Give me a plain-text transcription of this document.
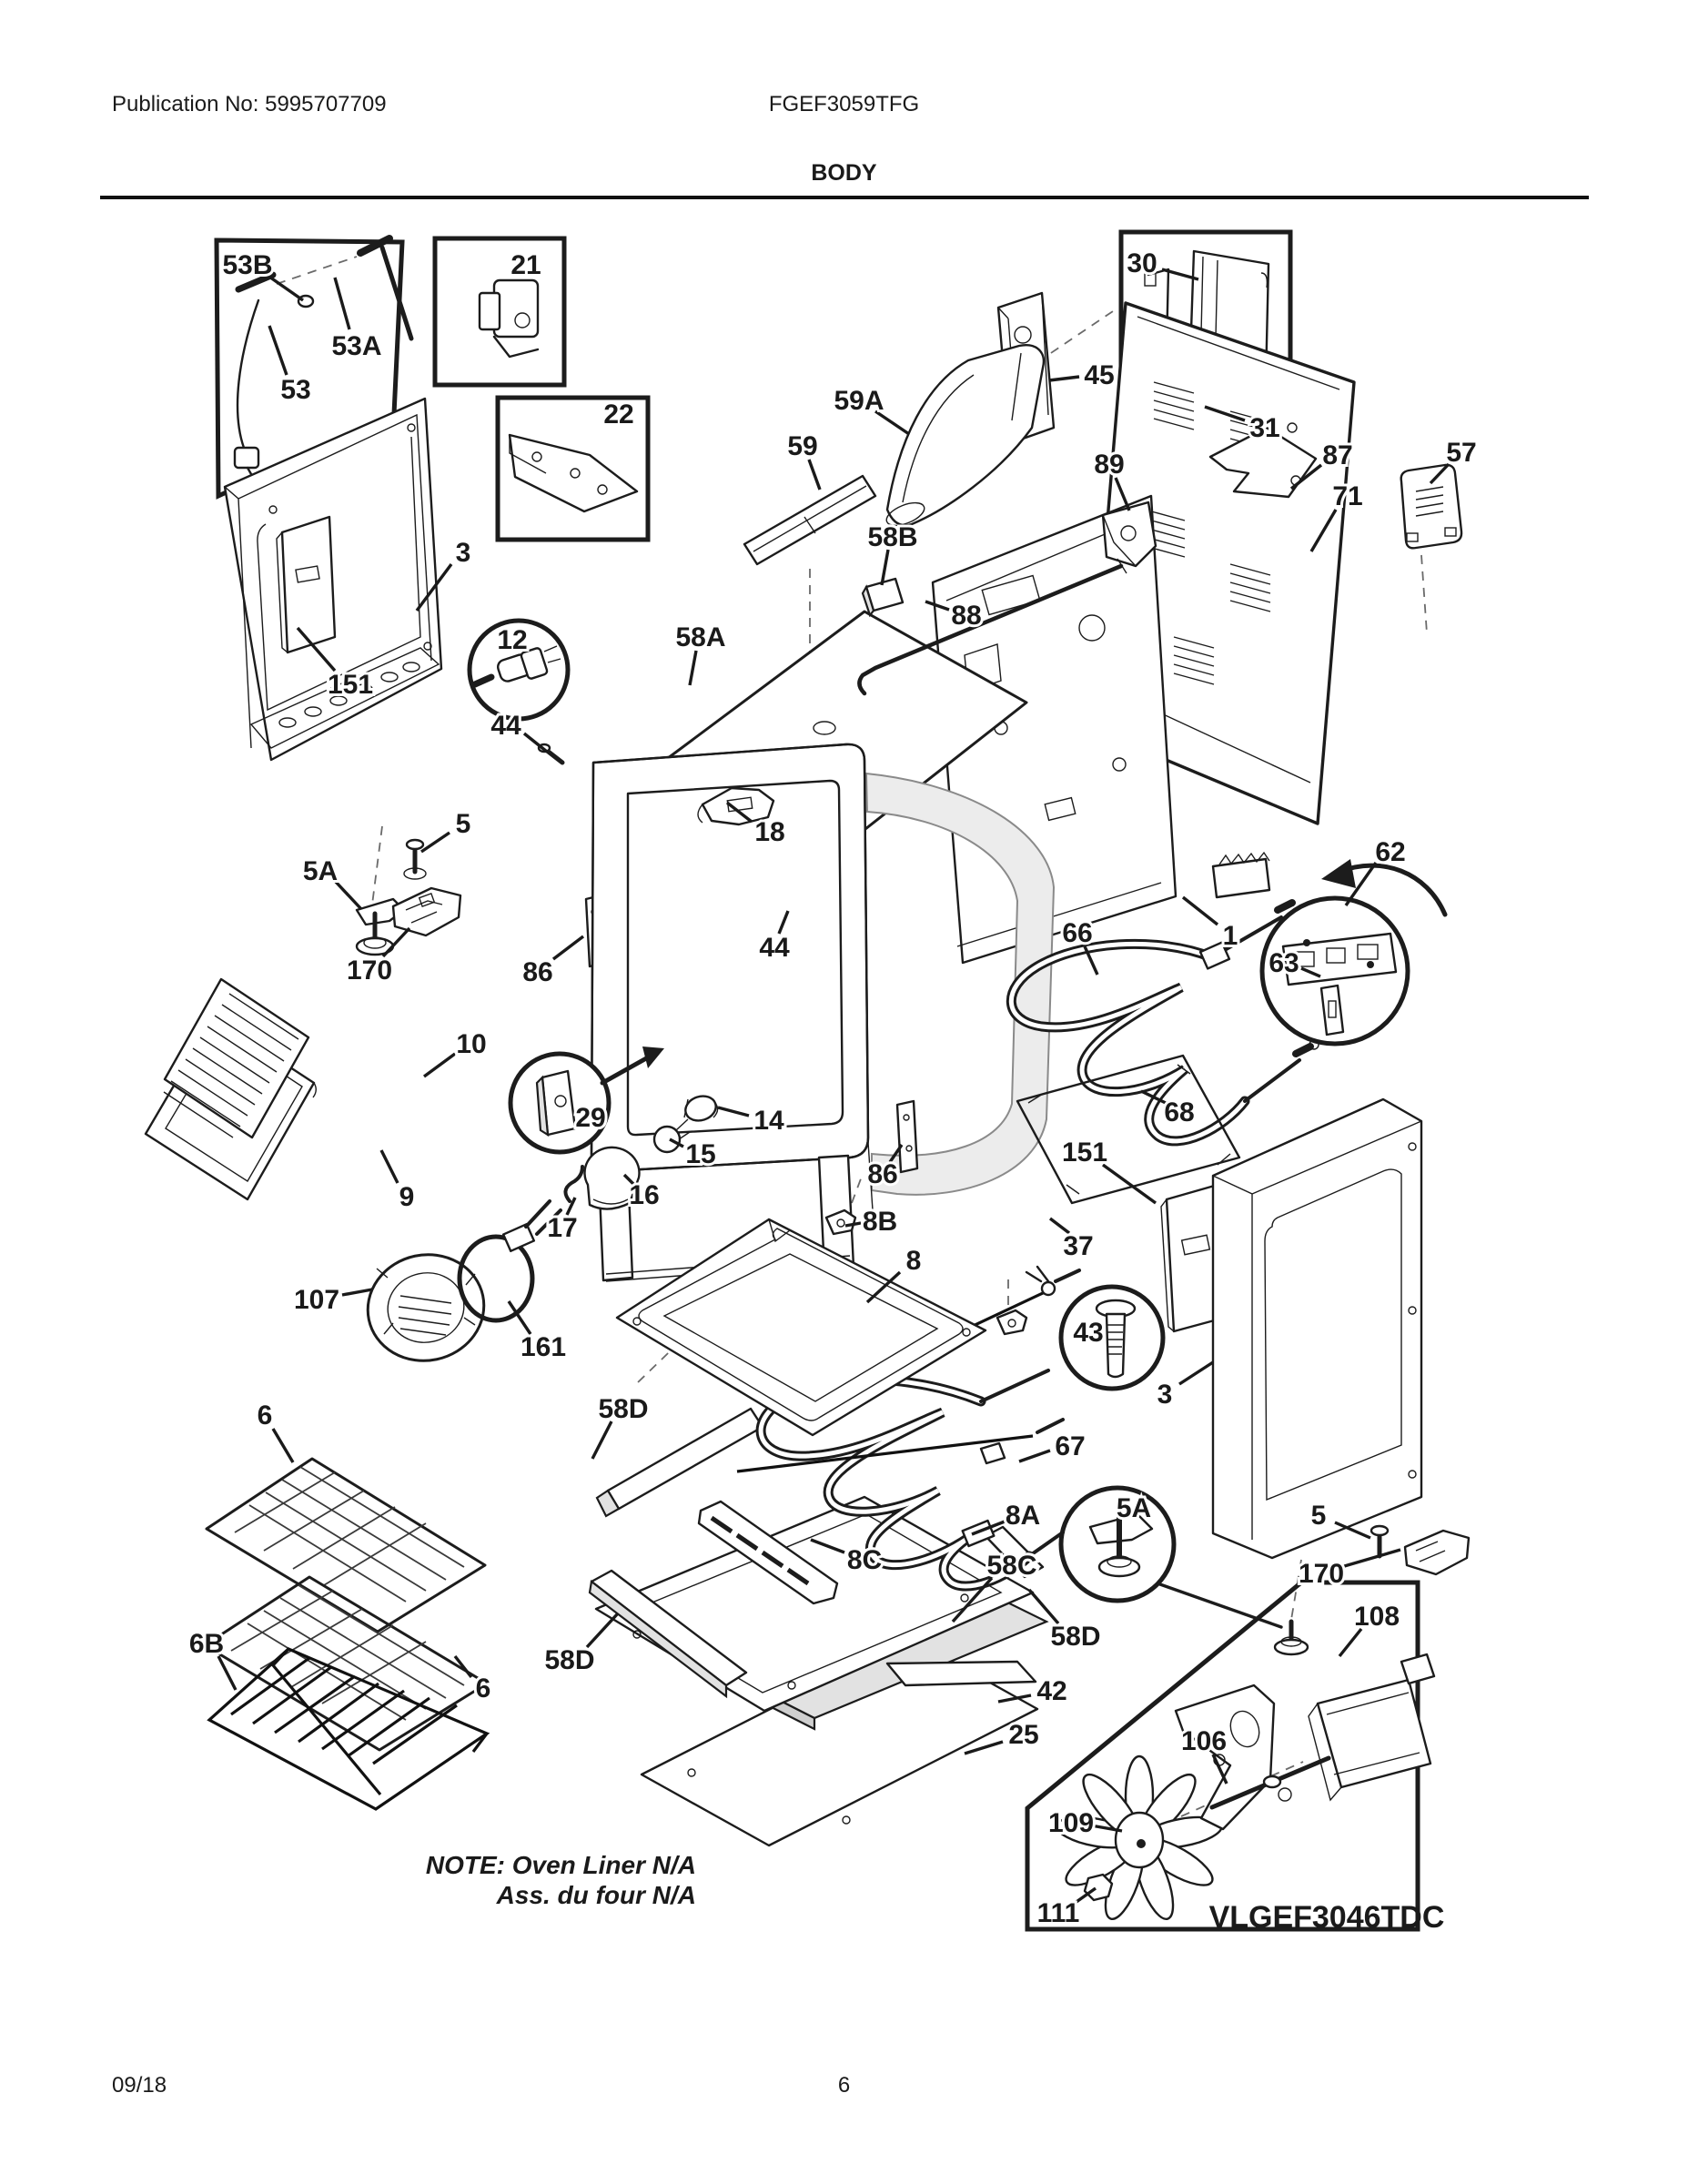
Publication No: 5995707709	FGEF3059TFG
BODY
VLGEF3046TDC
53B
53A
53
21
22
3
151
12
44
5
5A
170	86
18
44
10
29	14
15
16
17
9
107
161
6
6B
6
58D
58D
58D
8B
8
86
8C	58C
67
8A
43
3
5A	5
170
42
25	106
108
109
111
62
63
66
68
1
151
37
87
71
57
89
45
30
31
59A
59
58B
88
58A
NOTE: Oven Liner N/A
Ass. du four N/A
09/18	6
